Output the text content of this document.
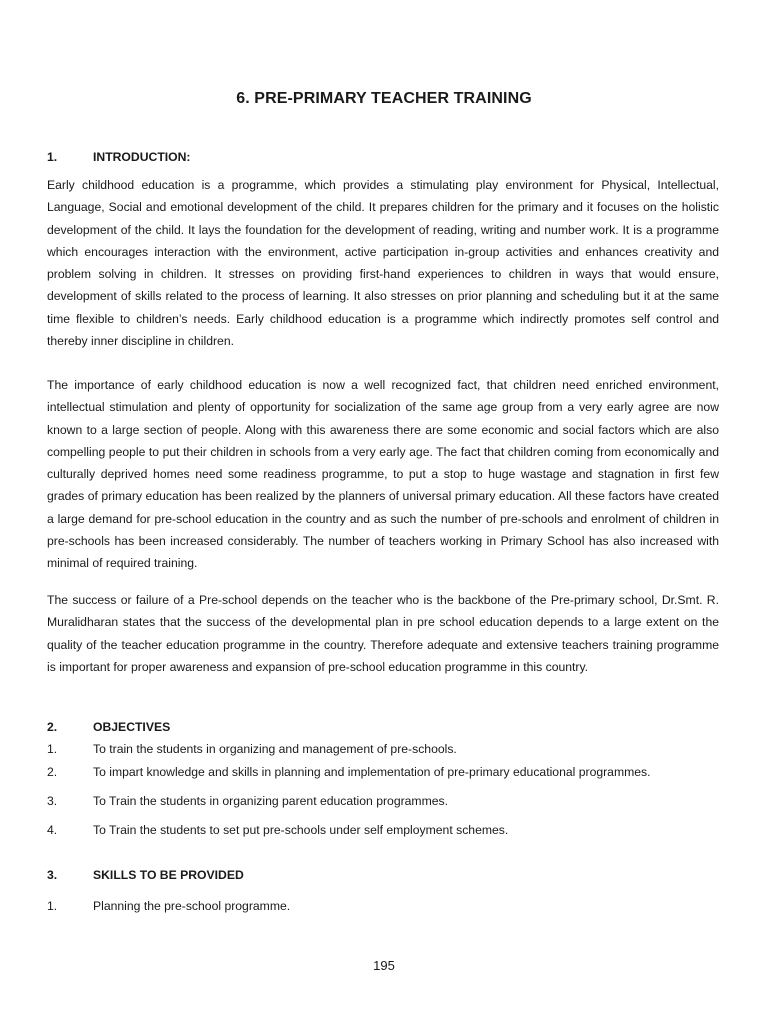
6. PRE-PRIMARY TEACHER TRAINING
1.	INTRODUCTION:

Early childhood education is a programme, which provides a stimulating play environment for Physical, Intellectual, Language, Social and emotional development of the child. It prepares children for the primary and it focuses on the holistic development of the child. It lays the foundation for the development of reading, writing and number work. It is a programme which encourages interaction with the environment, active participation in-group activities and enhances creativity and problem solving in children. It stresses on providing first-hand experiences to children in ways that would ensure, development of skills related to the process of learning. It also stresses on prior planning and scheduling but it at the same time flexible to children’s needs. Early childhood education is a programme which indirectly promotes self control and thereby inner discipline in children.

The importance of early childhood education is now a well recognized fact, that children need enriched environment, intellectual stimulation and plenty of opportunity for socialization of the same age group from a very early agree are now known to a large section of people. Along with this awareness there are some economic and social factors which are also compelling people to put their children in schools from a very early age. The fact that children coming from economically and culturally deprived homes need some readiness programme, to put a stop to huge wastage and stagnation in first few grades of primary education has been realized by the planners of universal primary education. All these factors have created a large demand for pre-school education in the country and as such the number of pre-schools and enrolment of children in pre-schools has been increased considerably. The number of teachers working in Primary School has also increased with minimal of required training.

The success or failure of a Pre-school depends on the teacher who is the backbone of the Pre-primary school, Dr.Smt. R. Muralidharan states that the success of the developmental plan in pre school education depends to a large extent on the quality of the teacher education programme in the country. Therefore adequate and extensive teachers training programme is important for proper awareness and expansion of pre-school education programme in this country.

2.	OBJECTIVES
1.	To train the students in organizing and management of pre-schools.
2.	To impart knowledge and skills in planning and implementation of pre-primary educational programmes.
3.	To Train the students in organizing parent education programmes.
4.	To Train the students to set put pre-schools under self employment schemes.
3.	SKILLS TO BE PROVIDED
1.	Planning the pre-school programme.
195
